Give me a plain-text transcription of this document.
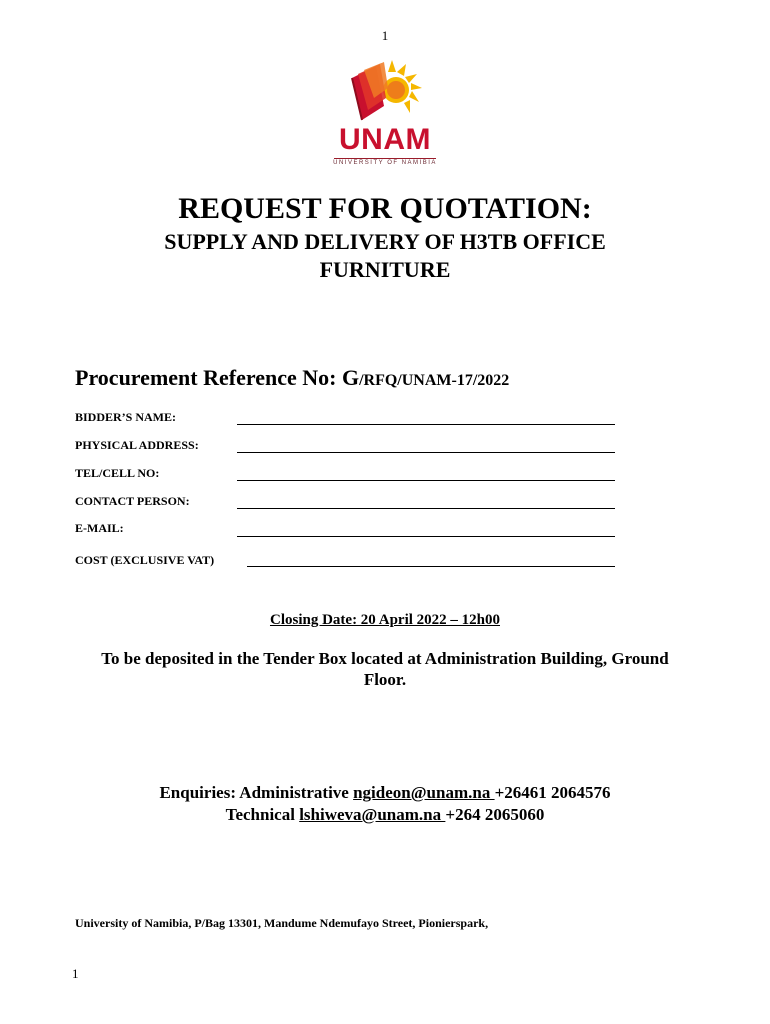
1
UNAM
UNIVERSITY OF NAMIBIA
REQUEST FOR QUOTATION:
SUPPLY AND DELIVERY OF H3TB OFFICE FURNITURE
Procurement Reference No: G/RFQ/UNAM-17/2022
BIDDER’S NAME:
PHYSICAL ADDRESS:
TEL/CELL NO:
CONTACT PERSON:
E-MAIL:
COST (EXCLUSIVE VAT)
Closing Date: 20 April 2022 – 12h00
To be deposited in the Tender Box located at Administration Building, Ground Floor.
Enquiries: Administrative ngideon@unam.na +26461 2064576
Technical lshiweva@unam.na +264 2065060
University of Namibia, P/Bag 13301, Mandume Ndemufayo Street, Pionierspark,
1
